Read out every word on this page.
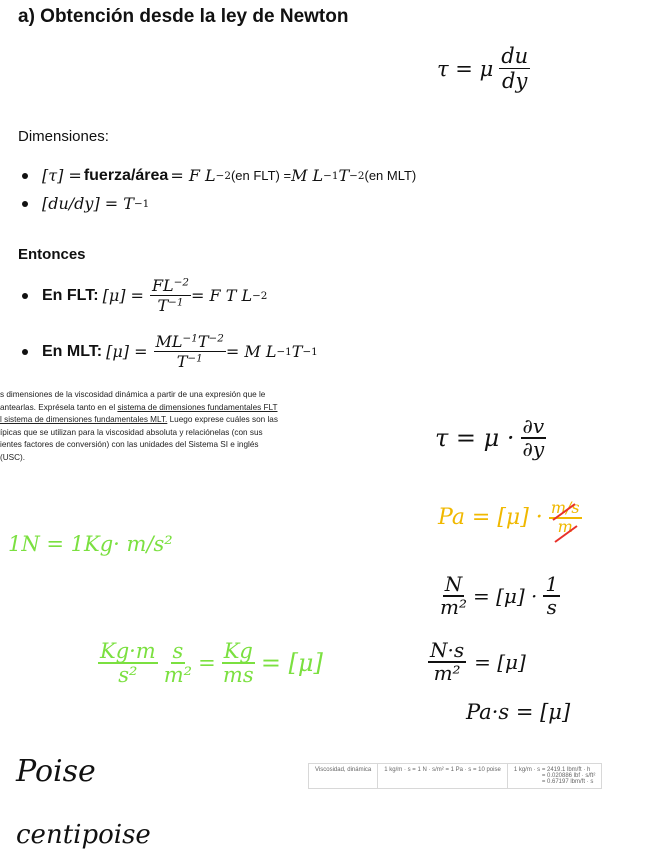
a) Obtención desde la ley de Newton
τ = μ $\frac{du}{dy}$
Dimensiones:
[τ] = fuerza/área = F L −2 (en FLT) = M L −1 T −2 (en MLT)
[du/dy] = T −1
Entonces
En FLT: $[\mu] = \frac{FL^{-2}}{T^{-1}} = F$ T L −2
En MLT: $[\mu] = \frac{ML^{-1}T^{-2}}{T^{-1}} = M$ L −1 T −1
s dimensiones de la viscosidad dinámica a partir de una expresión que le
antearlas. Exprésela tanto en el sistema de dimensiones fundamentales FLT
l sistema de dimensiones fundamentales MLT. Luego exprese cuáles son las
ípicas que se utilizan para la viscosidad absoluta y relaciónelas (con sus
ientes factores de conversión) con las unidades del Sistema SI e inglés
(USC).
1N = 1Kg· m/s²
$\frac{Kg\cdot m}{\text{s²}} \frac{s}{\text{m²}} = \frac{Kg}{ms} = [\mu]$
$\tau = \mu \cdot \frac{\partial v}{\partial y}$
$Pa = [\mu] \cdot \frac{m/s}{m}$
$\frac{N}{\text{m²}} = [\mu] \cdot \frac{1}{s}$
$\frac{N\cdot s}{\text{m²}} = [\mu]$
Pa·s = [μ]
Poise
centipoise
Viscosidad, dinámica	1 kg/m · s = 1 N · s/m² = 1 Pa · s = 10 poise	1 kg/m · s = 2419.1 lbm/ft · h
= 0.020886 lbf · s/ft²
= 0.67197 lbm/ft · s
